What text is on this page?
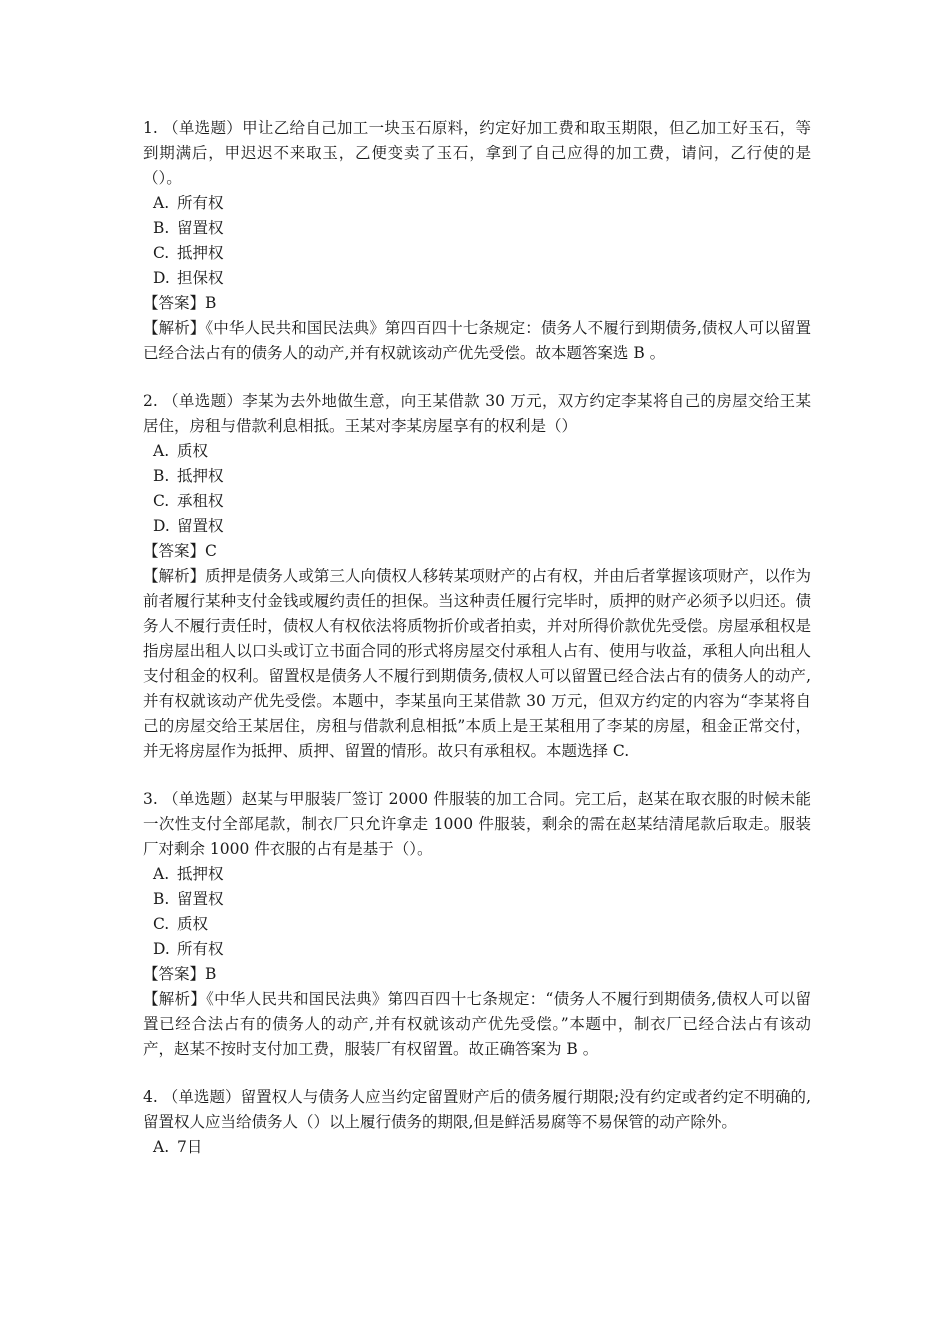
1. （单选题）甲让乙给自己加工一块玉石原料，约定好加工费和取玉期限，但乙加工好玉石，等到期满后，甲迟迟不来取玉，乙便变卖了玉石，拿到了自己应得的加工费，请问，乙行使的是（）。

A. 所有权

B. 留置权

C. 抵押权

D. 担保权

【答案】B

【解析】《中华人民共和国民法典》第四百四十七条规定：债务人不履行到期债务,债权人可以留置已经合法占有的债务人的动产,并有权就该动产优先受偿。故本题答案选 B 。

2. （单选题）李某为去外地做生意，向王某借款 30 万元，双方约定李某将自己的房屋交给王某居住，房租与借款利息相抵。王某对李某房屋享有的权利是（）

A. 质权

B. 抵押权

C. 承租权

D. 留置权

【答案】C

【解析】质押是债务人或第三人向债权人移转某项财产的占有权，并由后者掌握该项财产，以作为前者履行某种支付金钱或履约责任的担保。当这种责任履行完毕时，质押的财产必须予以归还。债务人不履行责任时，债权人有权依法将质物折价或者拍卖，并对所得价款优先受偿。房屋承租权是指房屋出租人以口头或订立书面合同的形式将房屋交付承租人占有、使用与收益，承租人向出租人支付租金的权利。留置权是债务人不履行到期债务,债权人可以留置已经合法占有的债务人的动产,并有权就该动产优先受偿。本题中，李某虽向王某借款 30 万元，但双方约定的内容为“李某将自己的房屋交给王某居住，房租与借款利息相抵”本质上是王某租用了李某的房屋，租金正常交付，并无将房屋作为抵押、质押、留置的情形。故只有承租权。本题选择 C.

3. （单选题）赵某与甲服装厂签订 2000 件服装的加工合同。完工后，赵某在取衣服的时候未能一次性支付全部尾款，制衣厂只允许拿走 1000 件服装，剩余的需在赵某结清尾款后取走。服装厂对剩余 1000 件衣服的占有是基于（）。

A. 抵押权

B. 留置权

C. 质权

D. 所有权

【答案】B

【解析】《中华人民共和国民法典》第四百四十七条规定：“债务人不履行到期债务,债权人可以留置已经合法占有的债务人的动产,并有权就该动产优先受偿。”本题中，制衣厂已经合法占有该动产，赵某不按时支付加工费，服装厂有权留置。故正确答案为 B 。

4. （单选题）留置权人与债务人应当约定留置财产后的债务履行期限;没有约定或者约定不明确的,留置权人应当给债务人（）以上履行债务的期限,但是鲜活易腐等不易保管的动产除外。

A. 7日
